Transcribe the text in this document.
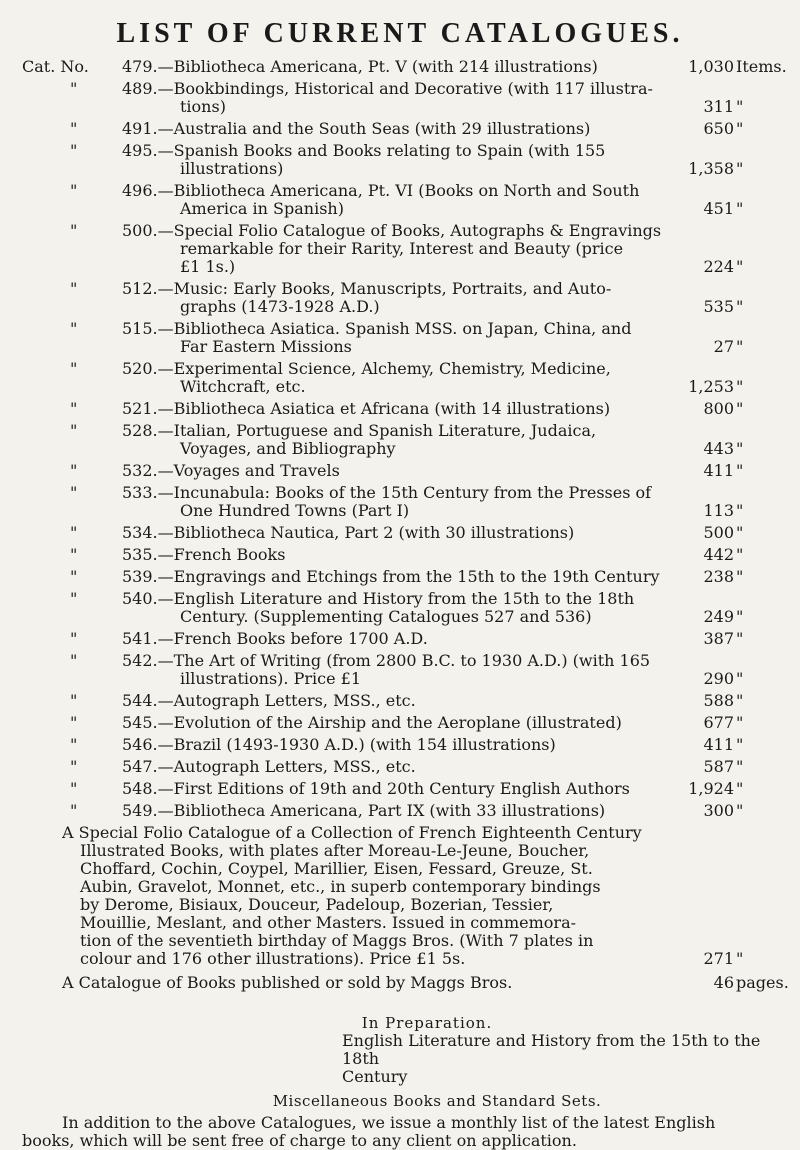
LIST OF CURRENT CATALOGUES.
Cat. No.	479.—Bibliotheca Americana, Pt. V (with 214 illustrations)	1,030 Items.
"	489.—Bookbindings, Historical and Decorative (with 117 illustra-
tions)	311 "
"	491.—Australia and the South Seas (with 29 illustrations)	650 "
"	495.—Spanish Books and Books relating to Spain (with 155
illustrations)	1,358 "
"	496.—Bibliotheca Americana, Pt. VI (Books on North and South
America in Spanish)	451 "
"	500.—Special Folio Catalogue of Books, Autographs & Engravings
remarkable for their Rarity, Interest and Beauty (price
£1 1s.)	224 "
"	512.—Music: Early Books, Manuscripts, Portraits, and Auto-
graphs (1473-1928 A.D.)	535 "
"	515.—Bibliotheca Asiatica. Spanish MSS. on Japan, China, and
Far Eastern Missions	27 "
"	520.—Experimental Science, Alchemy, Chemistry, Medicine,
Witchcraft, etc.	1,253 "
"	521.—Bibliotheca Asiatica et Africana (with 14 illustrations)	800 "
"	528.—Italian, Portuguese and Spanish Literature, Judaica,
Voyages, and Bibliography	443 "
"	532.—Voyages and Travels	411 "
"	533.—Incunabula: Books of the 15th Century from the Presses of
One Hundred Towns (Part I)	113 "
"	534.—Bibliotheca Nautica, Part 2 (with 30 illustrations)	500 "
"	535.—French Books	442 "
"	539.—Engravings and Etchings from the 15th to the 19th Century	238 "
"	540.—English Literature and History from the 15th to the 18th
Century. (Supplementing Catalogues 527 and 536)	249 "
"	541.—French Books before 1700 A.D.	387 "
"	542.—The Art of Writing (from 2800 B.C. to 1930 A.D.) (with 165
illustrations). Price £1	290 "
"	544.—Autograph Letters, MSS., etc.	588 "
"	545.—Evolution of the Airship and the Aeroplane (illustrated)	677 "
"	546.—Brazil (1493-1930 A.D.) (with 154 illustrations)	411 "
"	547.—Autograph Letters, MSS., etc.	587 "
"	548.—First Editions of 19th and 20th Century English Authors	1,924 "
"	549.—Bibliotheca Americana, Part IX (with 33 illustrations)	300 "
A Special Folio Catalogue of a Collection of French Eighteenth Century
Illustrated Books, with plates after Moreau-Le-Jeune, Boucher,
Choffard, Cochin, Coypel, Marillier, Eisen, Fessard, Greuze, St.
Aubin, Gravelot, Monnet, etc., in superb contemporary bindings
by Derome, Bisiaux, Douceur, Padeloup, Bozerian, Tessier,
Mouillie, Meslant, and other Masters. Issued in commemora-
tion of the seventieth birthday of Maggs Bros. (With 7 plates in
colour and 176 other illustrations). Price £1 5s.	271 "
A Catalogue of Books published or sold by Maggs Bros.	46 pages.
In Preparation.
English Literature and History from the 15th to the 18th
Century
Miscellaneous Books and Standard Sets.
In addition to the above Catalogues, we issue a monthly list of the latest English
books, which will be sent free of charge to any client on application.
